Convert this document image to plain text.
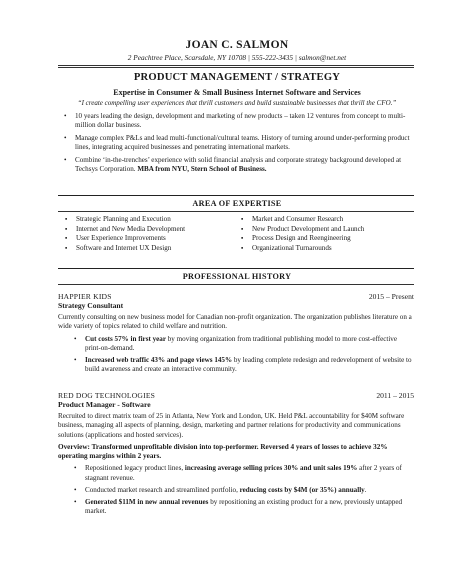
JOAN C. SALMON
2 Peachtree Place, Scarsdale, NY 10708 | 555-222-3435 | salmon@net.net
PRODUCT MANAGEMENT / STRATEGY
Expertise in Consumer & Small Business Internet Software and Services
“I create compelling user experiences that thrill customers and build sustainable businesses that thrill the CFO.”
• 10 years leading the design, development and marketing of new products – taken 12 ventures from concept to multi-million dollar business.
• Manage complex P&Ls and lead multi-functional/cultural teams. History of turning around under-performing product lines, integrating acquired businesses and penetrating international markets.
• Combine ‘in-the-trenches’ experience with solid financial analysis and corporate strategy background developed at Techsys Corporation. MBA from NYU, Stern School of Business.
AREA OF EXPERTISE
▪ Strategic Planning and Execution
▪ Internet and New Media Development
▪ User Experience Improvements
▪ Software and Internet UX Design
▪ Market and Consumer Research
▪ New Product Development and Launch
▪ Process Design and Reengineering
▪ Organizational Turnarounds
PROFESSIONAL HISTORY
HAPPIER KIDS	2015 – Present
Strategy Consultant
Currently consulting on new business model for Canadian non-profit organization. The organization publishes literature on a wide variety of topics related to child welfare and nutrition.
• Cut costs 57% in first year by moving organization from traditional publishing model to more cost-effective print-on-demand.
• Increased web traffic 43% and page views 145% by leading complete redesign and redevelopment of website to build awareness and create an interactive community.
RED DOG TECHNOLOGIES	2011 – 2015
Product Manager - Software
Recruited to direct matrix team of 25 in Atlanta, New York and London, UK. Held P&L accountability for $40M software business, managing all aspects of planning, design, marketing and partner relations for productivity and communications solutions (applications and hosted services).
Overview: Transformed unprofitable division into top-performer. Reversed 4 years of losses to achieve 32% operating margins within 2 years.
• Repositioned legacy product lines, increasing average selling prices 30% and unit sales 19% after 2 years of stagnant revenue.
• Conducted market research and streamlined portfolio, reducing costs by $4M (or 35%) annually.
• Generated $11M in new annual revenues by repositioning an existing product for a new, previously untapped market.
